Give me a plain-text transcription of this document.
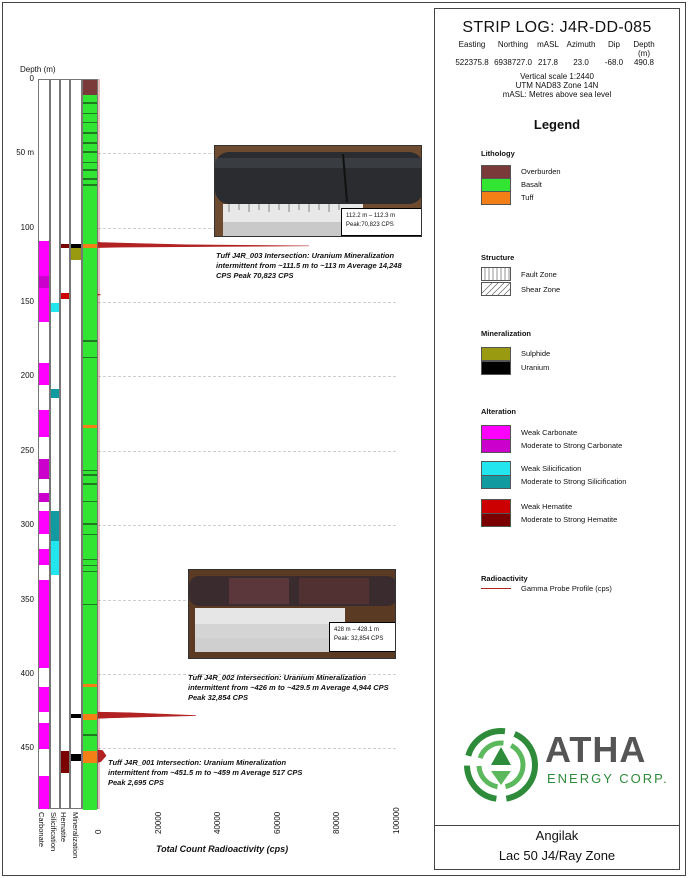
Depth (m)
0
50 m
100
150
200
250
300
350
400
450
Carbonate Silicification Hematite Mineralization 0	20000	40000	60000	80000	100000
Total Count Radioactivity (cps)
112.2 m – 112.3 m
Peak:70,823 CPS
428 m – 428.1 m
Peak: 32,854 CPS
Tuff J4R_003 Intersection: Uranium Mineralization intermittent from ~111.5 m to ~113 m Average 14,248 CPS Peak 70,823 CPS
Tuff J4R_002 Intersection: Uranium Mineralization intermittent from ~426 m to ~429.5 m Average 4,944 CPS Peak 32,854 CPS
Tuff J4R_001 Intersection: Uranium Mineralization intermittent from ~451.5 m to ~459 m Average 517 CPS Peak 2,695 CPS
STRIP LOG: J4R-DD-085
Easting	Northing	mASL Azimuth	Dip	Depth (m)
522375.8 6938727.0 217.8	23.0	-68.0	490.8
Vertical scale 1:2440
UTM NAD83 Zone 14N
mASL: Metres above sea level
Legend
Lithology
Overburden
Basalt
Tuff
Structure
Fault Zone
Shear Zone
Mineralization
Sulphide
Uranium
Alteration
Weak Carbonate
Moderate to Strong Carbonate
Weak Silicification
Moderate to Strong Silicification
Weak Hematite
Moderate to Strong Hematite
Radioactivity
Gamma Probe Profile (cps)
ATHA
ENERGY CORP.
Angilak
Lac 50 J4/Ray Zone
